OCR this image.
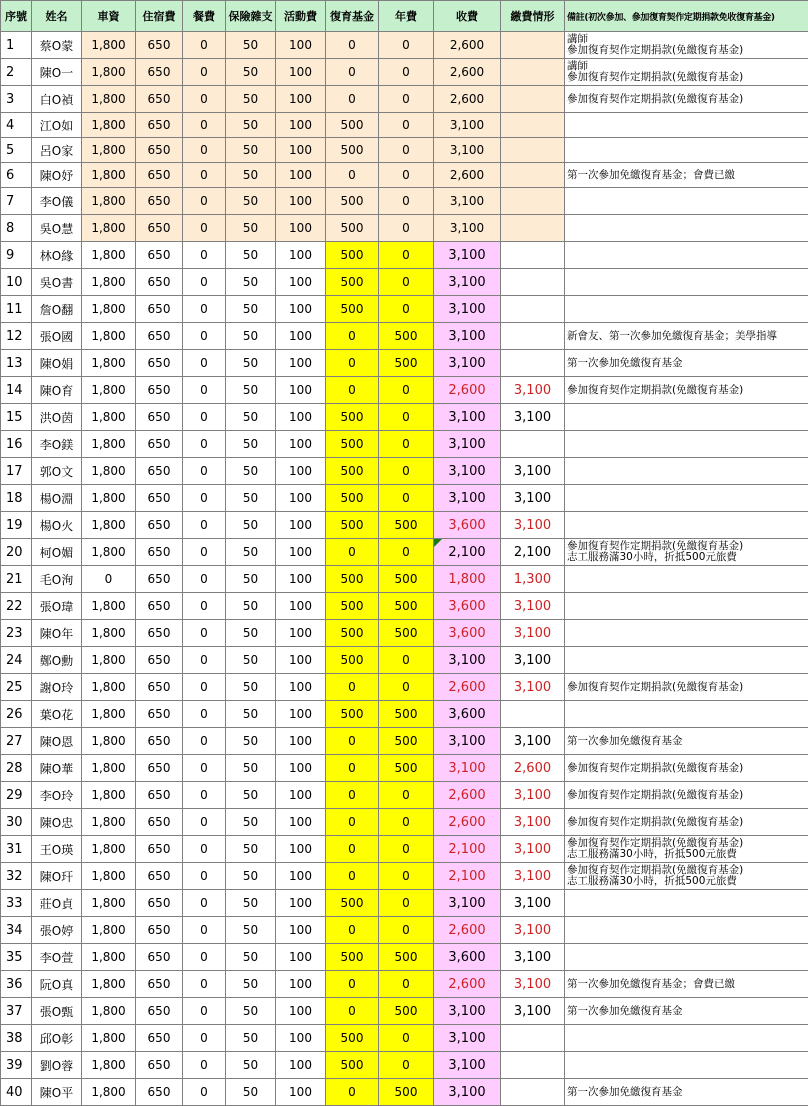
序號	姓名	車資	住宿費	餐費	保險雜支	活動費	復育基金	年費	收費	繳費情形	備註(初次參加、參加復育契作定期捐款免收復育基金)
1	蔡O蒙	1,800	650	0	50	100	0	0	2,600		講師
參加復育契作定期捐款(免繳復育基金)

2	陳O一	1,800	650	0	50	100	0	0	2,600		講師
參加復育契作定期捐款(免繳復育基金)

3	白O禎	1,800	650	0	50	100	0	0	2,600		參加復育契作定期捐款(免繳復育基金)

4	江O如	1,800	650	0	50	100	500	0	3,100		
5	呂O家	1,800	650	0	50	100	500	0	3,100		
6	陳O妤	1,800	650	0	50	100	0	0	2,600		第一次參加免繳復育基金；會費已繳

7	李O儀	1,800	650	0	50	100	500	0	3,100		
8	吳O慧	1,800	650	0	50	100	500	0	3,100		
9	林O緣	1,800	650	0	50	100	500	0	3,100		
10	吳O書	1,800	650	0	50	100	500	0	3,100		
11	詹O翻	1,800	650	0	50	100	500	0	3,100		
12	張O國	1,800	650	0	50	100	0	500	3,100		新會友、第一次參加免繳復育基金；美學指導

13	陳O娟	1,800	650	0	50	100	0	500	3,100		第一次參加免繳復育基金

14	陳O育	1,800	650	0	50	100	0	0	2,600	3,100	參加復育契作定期捐款(免繳復育基金)

15	洪O茵	1,800	650	0	50	100	500	0	3,100	3,100	
16	李O鎂	1,800	650	0	50	100	500	0	3,100		
17	郭O文	1,800	650	0	50	100	500	0	3,100	3,100	
18	楊O淵	1,800	650	0	50	100	500	0	3,100	3,100	
19	楊O火	1,800	650	0	50	100	500	500	3,600	3,100	
20	柯O媚	1,800	650	0	50	100	0	0	2,100	2,100	參加復育契作定期捐款(免繳復育基金)
志工服務滿30小時，折抵500元旅費

21	毛O洵	0	650	0	50	100	500	500	1,800	1,300	
22	張O瑋	1,800	650	0	50	100	500	500	3,600	3,100	
23	陳O年	1,800	650	0	50	100	500	500	3,600	3,100	
24	鄭O勳	1,800	650	0	50	100	500	0	3,100	3,100	
25	謝O玲	1,800	650	0	50	100	0	0	2,600	3,100	參加復育契作定期捐款(免繳復育基金)

26	葉O花	1,800	650	0	50	100	500	500	3,600		
27	陳O恩	1,800	650	0	50	100	0	500	3,100	3,100	第一次參加免繳復育基金

28	陳O華	1,800	650	0	50	100	0	500	3,100	2,600	參加復育契作定期捐款(免繳復育基金)

29	李O玲	1,800	650	0	50	100	0	0	2,600	3,100	參加復育契作定期捐款(免繳復育基金)

30	陳O忠	1,800	650	0	50	100	0	0	2,600	3,100	參加復育契作定期捐款(免繳復育基金)

31	王O瑛	1,800	650	0	50	100	0	0	2,100	3,100	參加復育契作定期捐款(免繳復育基金)
志工服務滿30小時，折抵500元旅費

32	陳O玕	1,800	650	0	50	100	0	0	2,100	3,100	參加復育契作定期捐款(免繳復育基金)
志工服務滿30小時，折抵500元旅費

33	莊O貞	1,800	650	0	50	100	500	0	3,100	3,100	
34	張O婷	1,800	650	0	50	100	0	0	2,600	3,100	
35	李O萱	1,800	650	0	50	100	500	500	3,600	3,100	
36	阮O真	1,800	650	0	50	100	0	0	2,600	3,100	第一次參加免繳復育基金；會費已繳

37	張O甄	1,800	650	0	50	100	0	500	3,100	3,100	第一次參加免繳復育基金

38	邱O彰	1,800	650	0	50	100	500	0	3,100		
39	劉O蓉	1,800	650	0	50	100	500	0	3,100		
40	陳O平	1,800	650	0	50	100	0	500	3,100		第一次參加免繳復育基金
